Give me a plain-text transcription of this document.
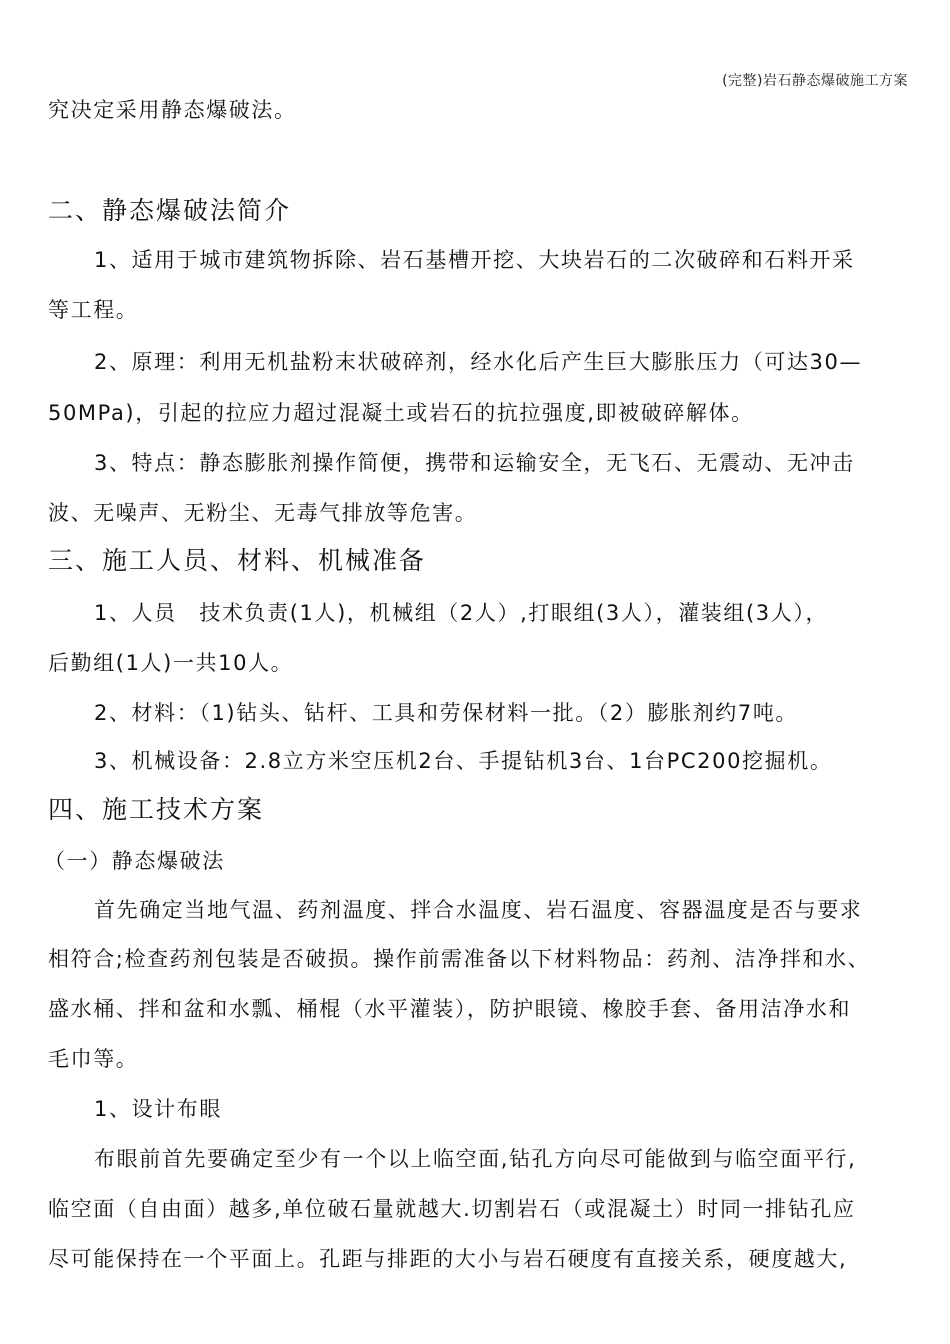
(完整)岩石静态爆破施工方案
究决定采用静态爆破法。
二、静态爆破法简介
1、适用于城市建筑物拆除、岩石基槽开挖、大块岩石的二次破碎和石料开采
等工程。
2、原理：利用无机盐粉末状破碎剂，经水化后产生巨大膨胀压力（可达30—
50MPa)，引起的拉应力超过混凝土或岩石的抗拉强度,即被破碎解体。
3、特点：静态膨胀剂操作简便，携带和运输安全，无飞石、无震动、无冲击
波、无噪声、无粉尘、无毒气排放等危害。
三、施工人员、材料、机械准备
1、人员　技术负责(1人)，机械组（2人）,打眼组(3人），灌装组(3人），
后勤组(1人)一共10人。
2、材料：（1)钻头、钻杆、工具和劳保材料一批。（2）膨胀剂约7吨。
3、机械设备：2.8立方米空压机2台、手提钻机3台、1台PC200挖掘机。
四、施工技术方案
（一）静态爆破法
首先确定当地气温、药剂温度、拌合水温度、岩石温度、容器温度是否与要求
相符合;检查药剂包装是否破损。操作前需准备以下材料物品：药剂、洁净拌和水、
盛水桶、拌和盆和水瓢、桶棍（水平灌装），防护眼镜、橡胶手套、备用洁净水和
毛巾等。
1、设计布眼
布眼前首先要确定至少有一个以上临空面,钻孔方向尽可能做到与临空面平行,
临空面（自由面）越多,单位破石量就越大.切割岩石（或混凝土）时同一排钻孔应
尽可能保持在一个平面上。孔距与排距的大小与岩石硬度有直接关系，硬度越大,
